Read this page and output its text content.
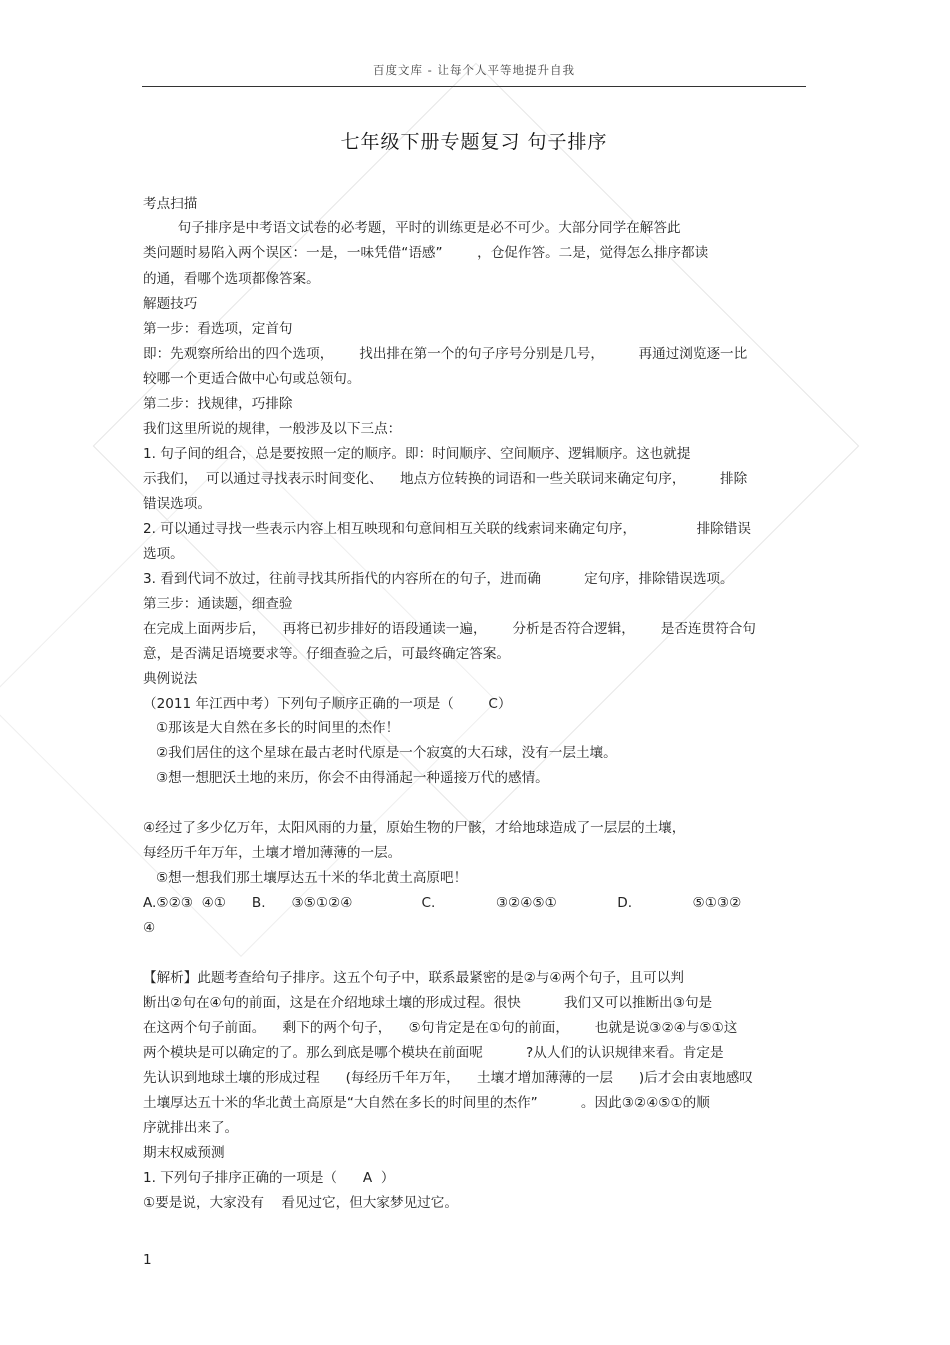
百度文库 - 让每个人平等地提升自我
七年级下册专题复习 句子排序
考点扫描
句子排序是中考语文试卷的必考题，平时的训练更是必不可少。大部分同学在解答此
类问题时易陷入两个误区：一是，一味凭借“语感”        ，仓促作答。二是，觉得怎么排序都读
的通，看哪个选项都像答案。
解题技巧
第一步：看选项，定首句
即：先观察所给出的四个选项，      找出排在第一个的句子序号分别是几号，        再通过浏览逐一比
较哪一个更适合做中心句或总领句。
第二步：找规律，巧排除
我们这里所说的规律，一般涉及以下三点：
1. 句子间的组合，总是要按照一定的顺序。即：时间顺序、空间顺序、逻辑顺序。这也就提
示我们，  可以通过寻找表示时间变化、    地点方位转换的词语和一些关联词来确定句序，        排除
错误选项。
2. 可以通过寻找一些表示内容上相互映现和句意间相互关联的线索词来确定句序，              排除错误
选项。
3. 看到代词不放过，往前寻找其所指代的内容所在的句子，进而确          定句序，排除错误选项。
第三步：通读题，细查验
在完成上面两步后，    再将已初步排好的语段通读一遍，      分析是否符合逻辑，      是否连贯符合句
意，是否满足语境要求等。仔细查验之后，可最终确定答案。
典例说法
（2011 年江西中考）下列句子顺序正确的一项是（        C）
①那该是大自然在多长的时间里的杰作！
②我们居住的这个星球在最古老时代原是一个寂寞的大石球，没有一层土壤。
③想一想肥沃土地的来历，你会不由得涌起一种遥接万代的感情。
④经过了多少亿万年，太阳风雨的力量，原始生物的尸骸，才给地球造成了一层层的土壤，
每经历千年万年，土壤才增加薄薄的一层。
⑤想一想我们那土壤厚达五十米的华北黄土高原吧！
A.⑤②③  ④①      B.      ③⑤①②④                C.              ③②④⑤①              D.              ⑤①③②
④
【解析】此题考查给句子排序。这五个句子中，联系最紧密的是②与④两个句子，且可以判
断出②句在④句的前面，这是在介绍地球土壤的形成过程。很快          我们又可以推断出③句是
在这两个句子前面。    剩下的两个句子，    ⑤句肯定是在①句的前面，      也就是说③②④与⑤①这
两个模块是可以确定的了。那么到底是哪个模块在前面呢          ?从人们的认识规律来看。肯定是
先认识到地球土壤的形成过程      (每经历千年万年，    土壤才增加薄薄的一层      )后才会由衷地感叹
土壤厚达五十米的华北黄土高原是“大自然在多长的时间里的杰作”          。因此③②④⑤①的顺
序就排出来了。
期末权威预测
1. 下列句子排序正确的一项是（      A  ）
①要是说，大家没有    看见过它，但大家梦见过它。
1
